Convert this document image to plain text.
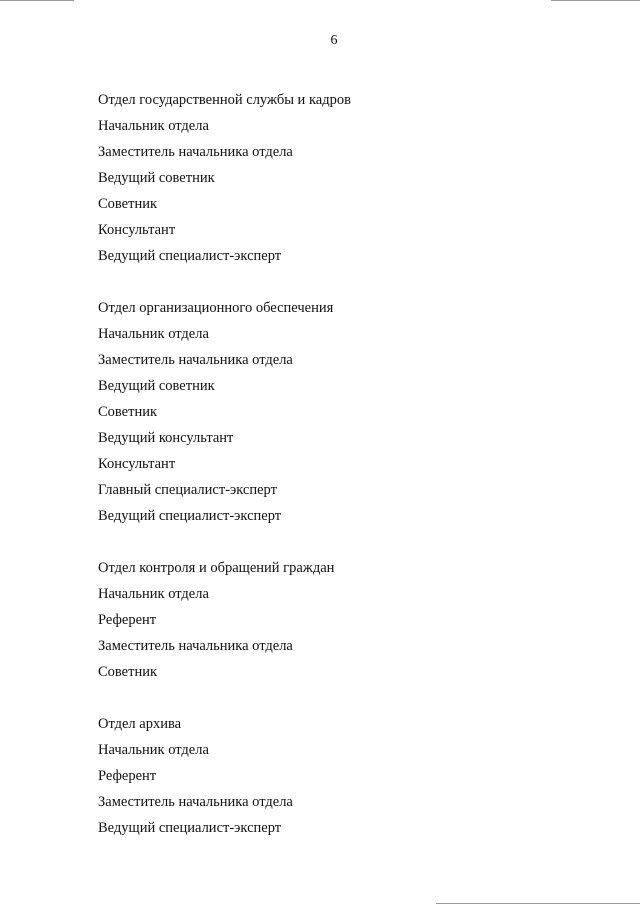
6
Отдел государственной службы и кадров
Начальник отдела
Заместитель начальника отдела
Ведущий советник
Советник
Консультант
Ведущий специалист-эксперт
Отдел организационного обеспечения
Начальник отдела
Заместитель начальника отдела
Ведущий советник
Советник
Ведущий консультант
Консультант
Главный специалист-эксперт
Ведущий специалист-эксперт
Отдел контроля и обращений граждан
Начальник отдела
Референт
Заместитель начальника отдела
Советник
Отдел архива
Начальник отдела
Референт
Заместитель начальника отдела
Ведущий специалист-эксперт
